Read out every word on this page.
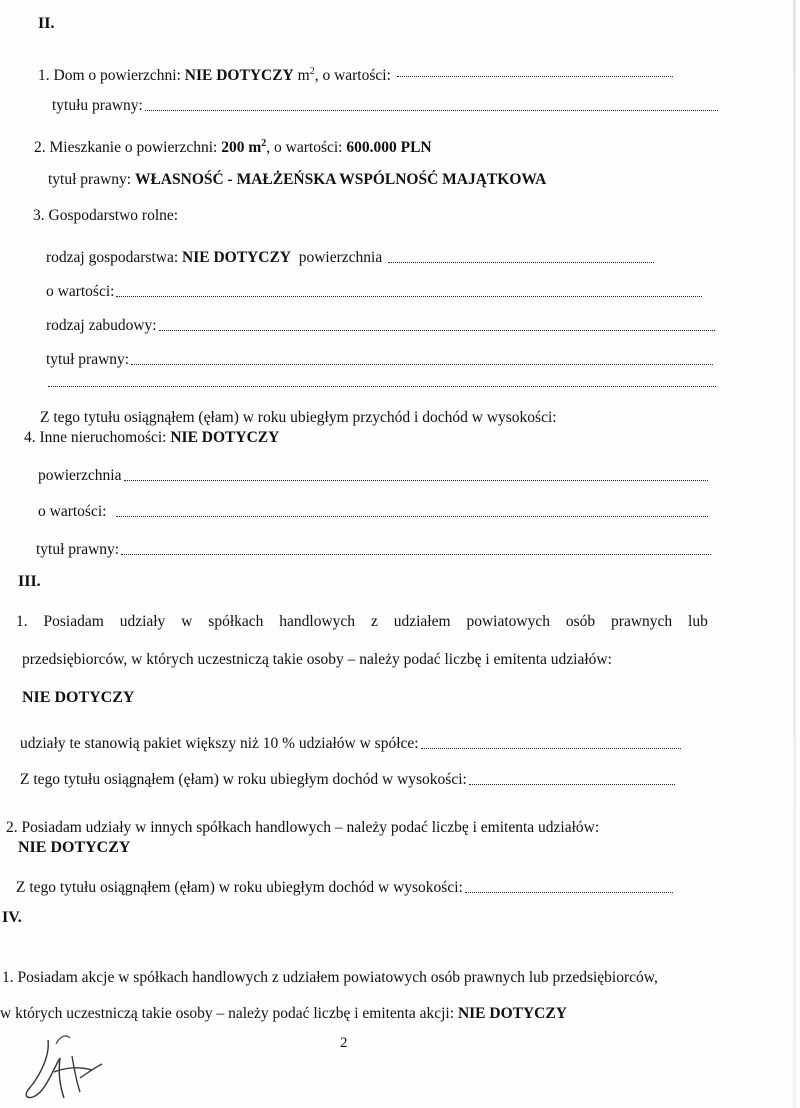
II.
1. Dom o powierzchni: NIE DOTYCZY $m^2$, o wartości:
tytułu prawny:
2. Mieszkanie o powierzchni: 200 $m^2$, o wartości: 600.000 PLN
tytuł prawny: WŁASNOŚĆ - MAŁŻEŃSKA WSPÓLNOŚĆ MAJĄTKOWA
3. Gospodarstwo rolne:
rodzaj gospodarstwa: NIE DOTYCZY powierzchnia
o wartości:
rodzaj zabudowy:
tytuł prawny:
Z tego tytułu osiągnąłem (ęłam) w roku ubiegłym przychód i dochód w wysokości:
4. Inne nieruchomości: NIE DOTYCZY
powierzchnia
o wartości:
tytuł prawny:
III.
1. Posiadam udziały w spółkach handlowych z udziałem powiatowych osób prawnych lub
przedsiębiorców, w których uczestniczą takie osoby – należy podać liczbę i emitenta udziałów:
NIE DOTYCZY
udziały te stanowią pakiet większy niż 10 % udziałów w spółce:
Z tego tytułu osiągnąłem (ęłam) w roku ubiegłym dochód w wysokości:
2. Posiadam udziały w innych spółkach handlowych – należy podać liczbę i emitenta udziałów:
NIE DOTYCZY
Z tego tytułu osiągnąłem (ęłam) w roku ubiegłym dochód w wysokości:
IV.
1. Posiadam akcje w spółkach handlowych z udziałem powiatowych osób prawnych lub przedsiębiorców,
w których uczestniczą takie osoby – należy podać liczbę i emitenta akcji: NIE DOTYCZY
2
